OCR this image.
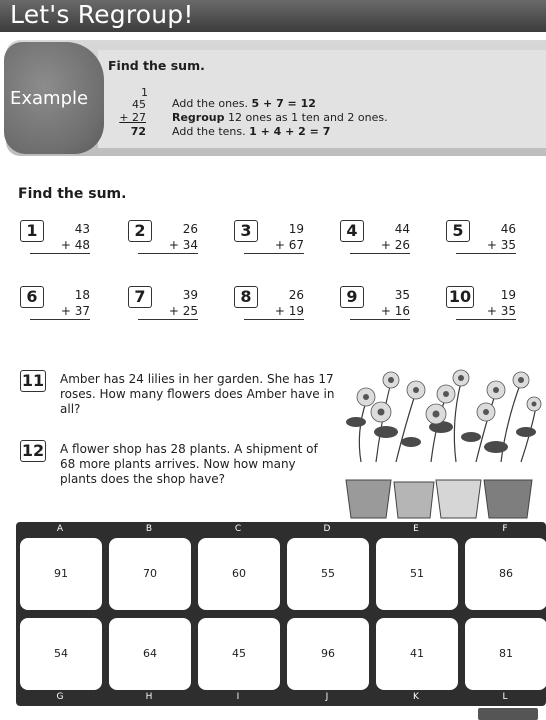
Let's Regroup!
Example
Find the sum.
1
45
+ 27
72
Add the ones. 5 + 7 = 12
Regroup 12 ones as 1 ten and 2 ones.
Add the tens. 1 + 4 + 2 = 7
Find the sum.
1	43
+ 48
2	26
+ 34
3	19
+ 67
4	44
+ 26
5	46
+ 35
6	18
+ 37
7	39
+ 25
8	26
+ 19
9	35
+ 16
10	19
+ 35
11 Amber has 24 lilies in her garden. She has 17 roses. How many flowers does Amber have in all?
12 A flower shop has 28 plants. A shipment of 68 more plants arrives. Now how many plants does the shop have?
A	B	C	D	E	F
91	70	60	55	51	86
54	64	45	96	41	81
G	H	I	J	K	L
